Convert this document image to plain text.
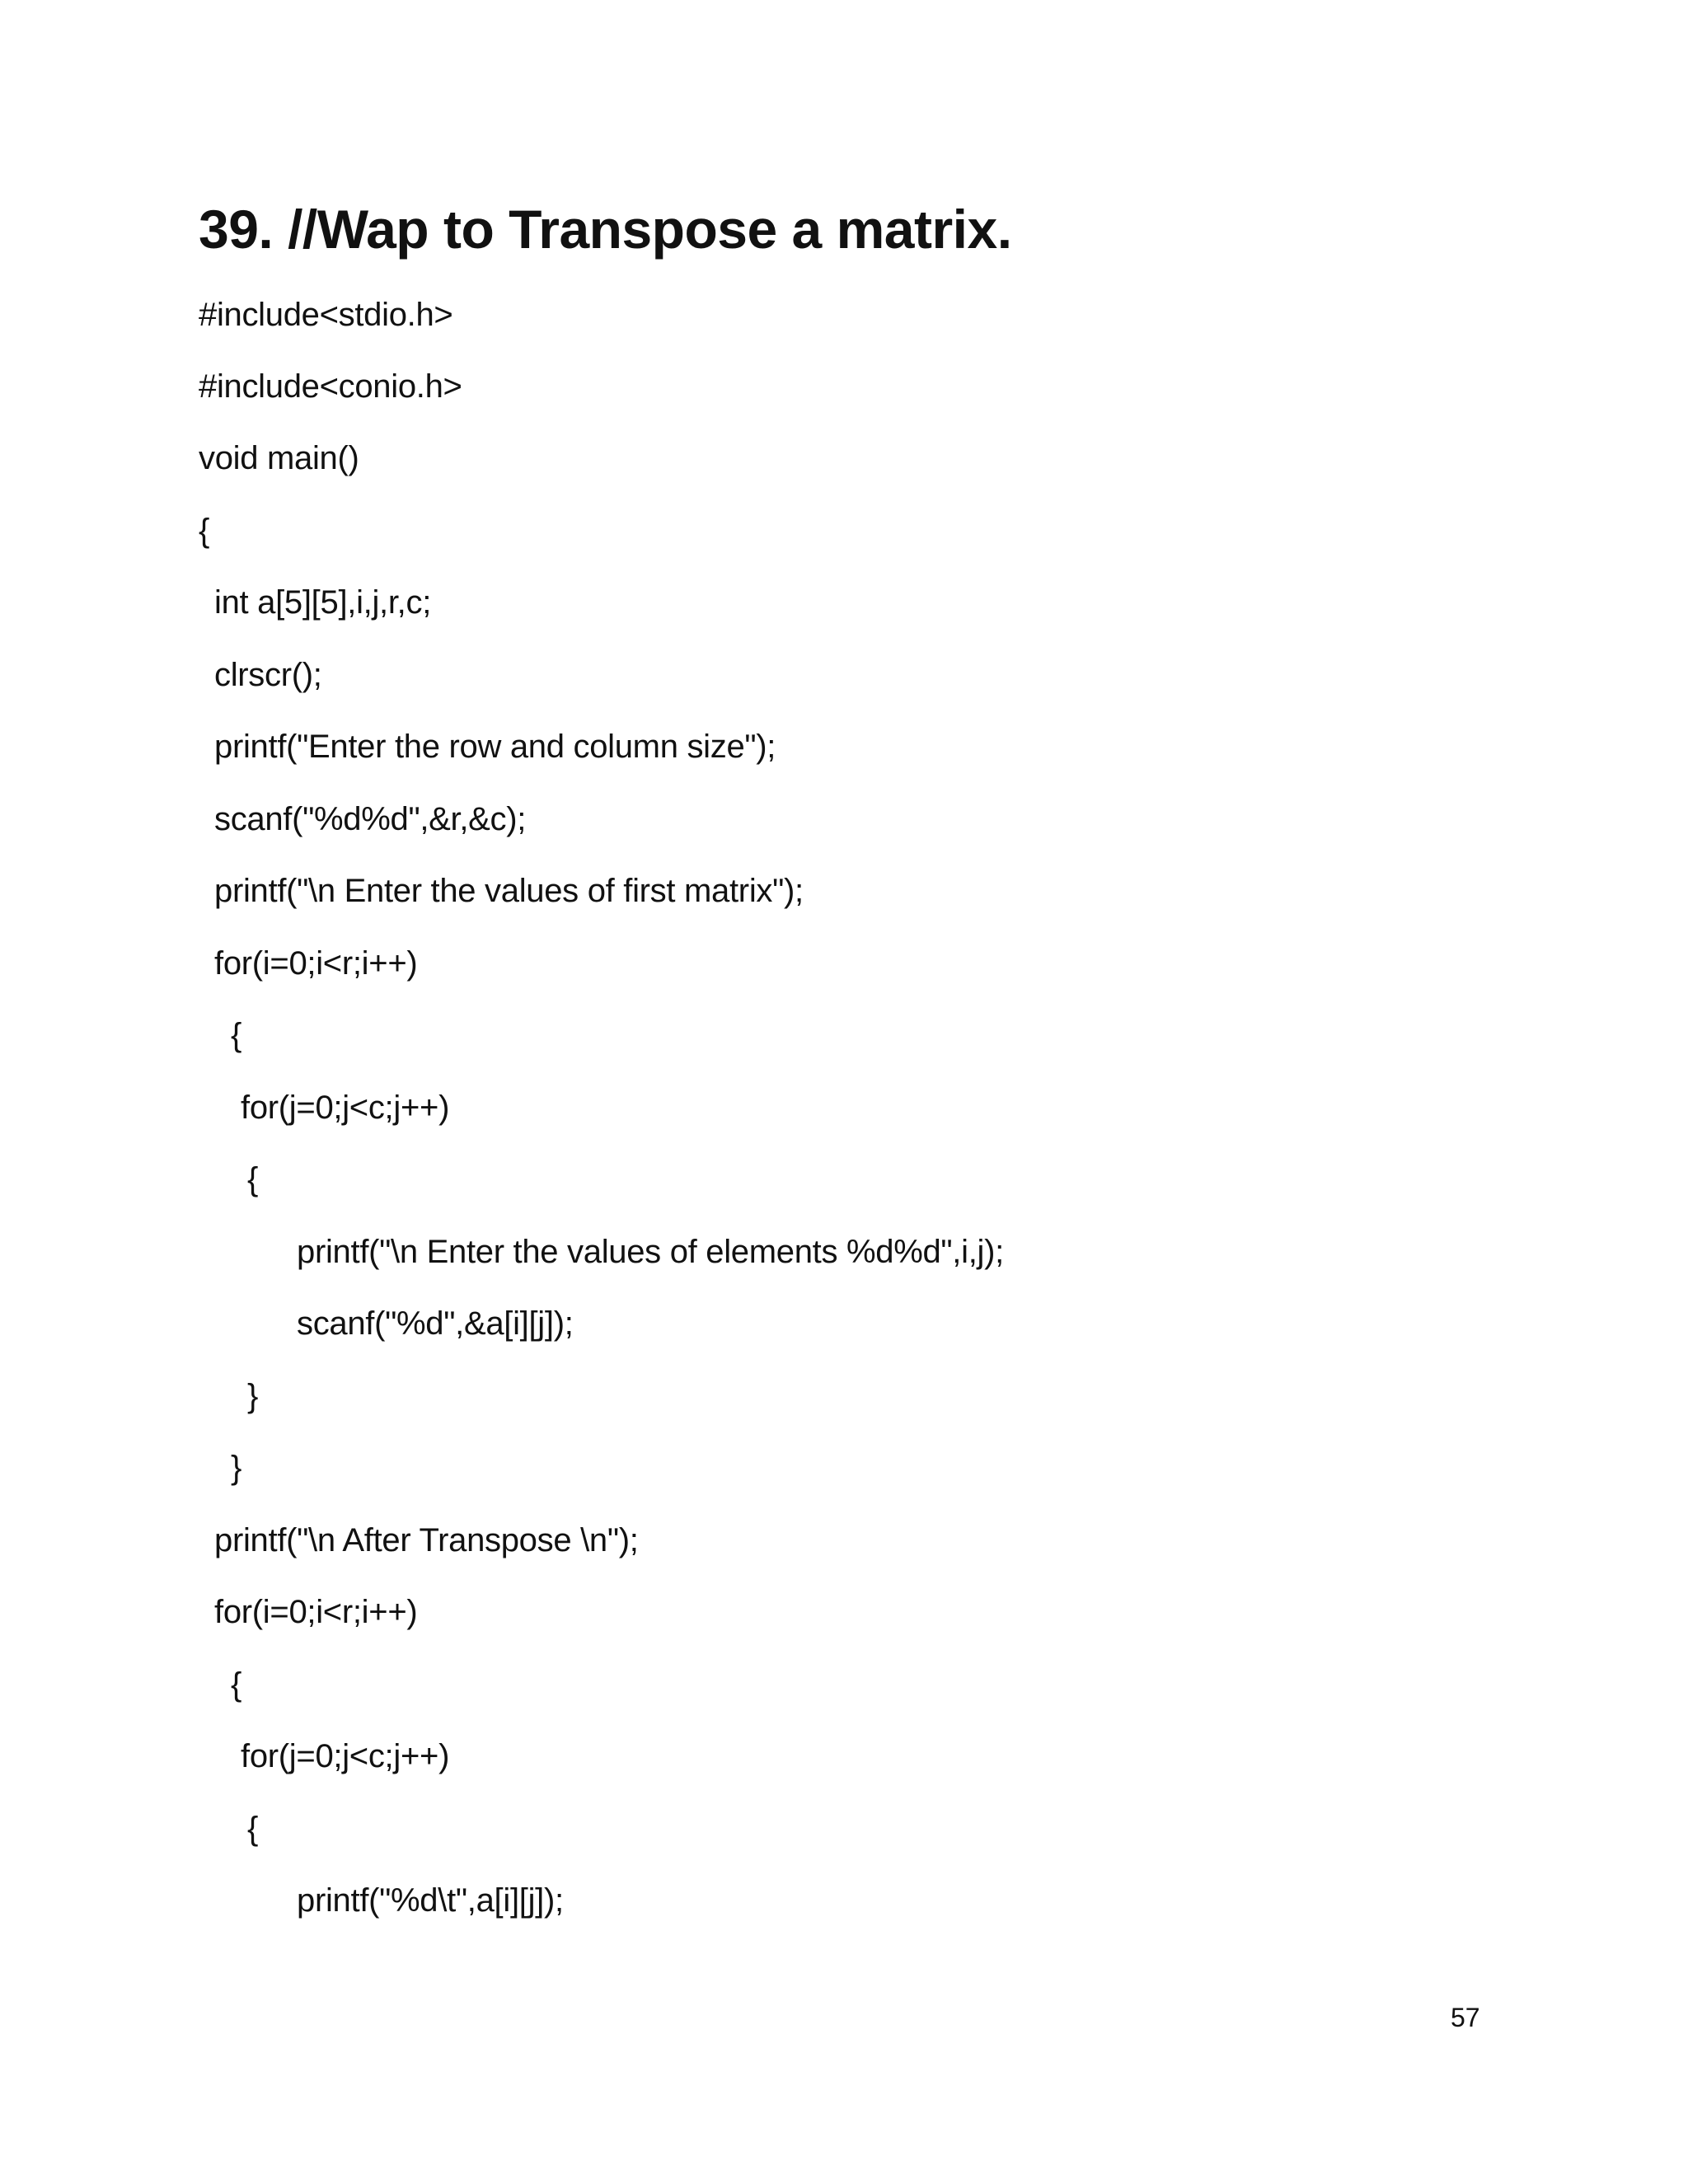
39. //Wap to Transpose a matrix.
#include<stdio.h>
#include<conio.h>
void main()
{
int a[5][5],i,j,r,c;
clrscr();
printf("Enter the row and column size");
scanf("%d%d",&r,&c);
printf("\n Enter the values of first matrix");
for(i=0;i<r;i++)
{
for(j=0;j<c;j++)
{
printf("\n Enter the values of elements %d%d",i,j);
scanf("%d",&a[i][j]);
}
}
printf("\n After Transpose \n");
for(i=0;i<r;i++)
{
for(j=0;j<c;j++)
{
printf("%d\t",a[i][j]);
57
